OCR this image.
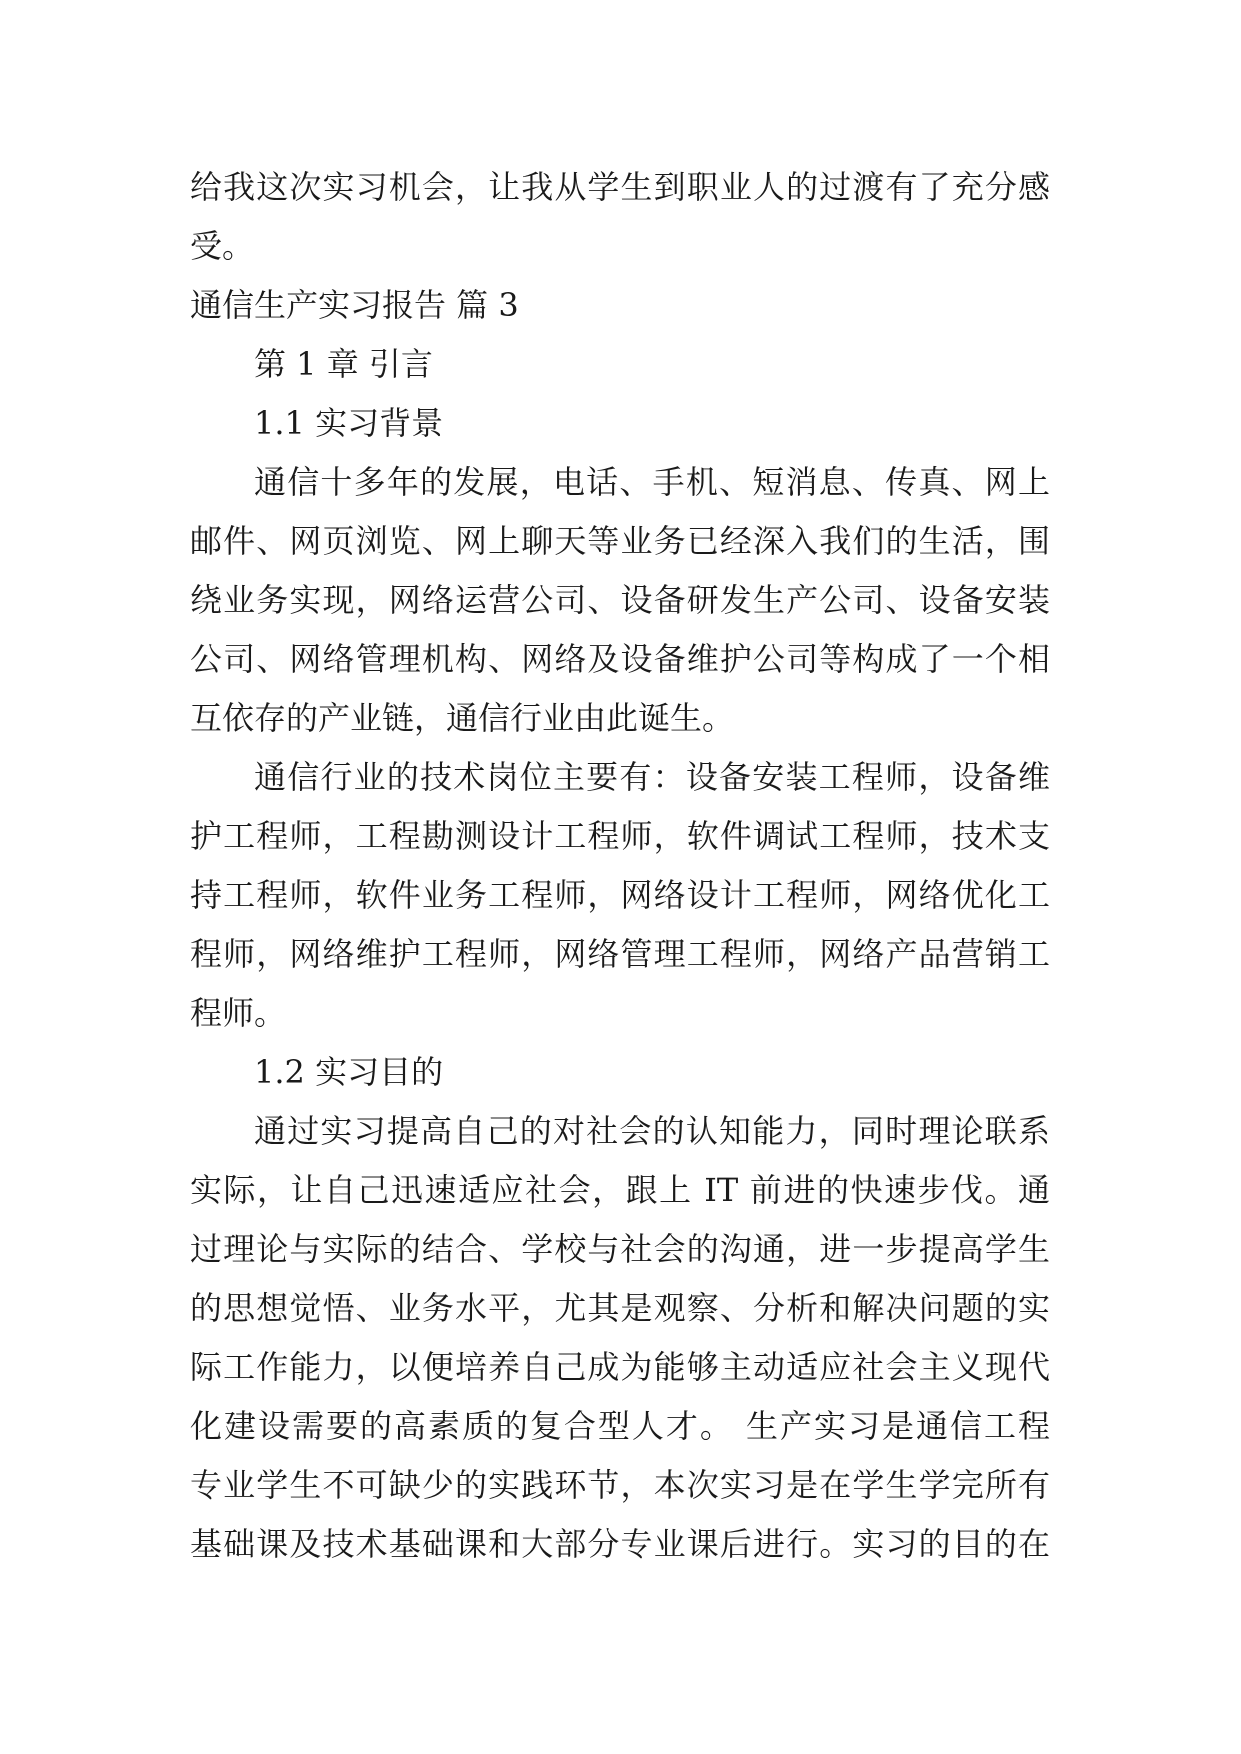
给我这次实习机会，让我从学生到职业人的过渡有了充分感
受。
通信生产实习报告 篇 3
第 1 章 引言
1.1 实习背景
通信十多年的发展，电话、手机、短消息、传真、网上
邮件、网页浏览、网上聊天等业务已经深入我们的生活，围
绕业务实现，网络运营公司、设备研发生产公司、设备安装
公司、网络管理机构、网络及设备维护公司等构成了一个相
互依存的产业链，通信行业由此诞生。
通信行业的技术岗位主要有：设备安装工程师，设备维
护工程师，工程勘测设计工程师，软件调试工程师，技术支
持工程师，软件业务工程师，网络设计工程师，网络优化工
程师，网络维护工程师，网络管理工程师，网络产品营销工
程师。
1.2 实习目的
通过实习提高自己的对社会的认知能力，同时理论联系
实际，让自己迅速适应社会，跟上 IT 前进的快速步伐。通
过理论与实际的结合、学校与社会的沟通，进一步提高学生
的思想觉悟、业务水平，尤其是观察、分析和解决问题的实
际工作能力，以便培养自己成为能够主动适应社会主义现代
化建设需要的高素质的复合型人才。 生产实习是通信工程
专业学生不可缺少的实践环节，本次实习是在学生学完所有
基础课及技术基础课和大部分专业课后进行。实习的目的在
